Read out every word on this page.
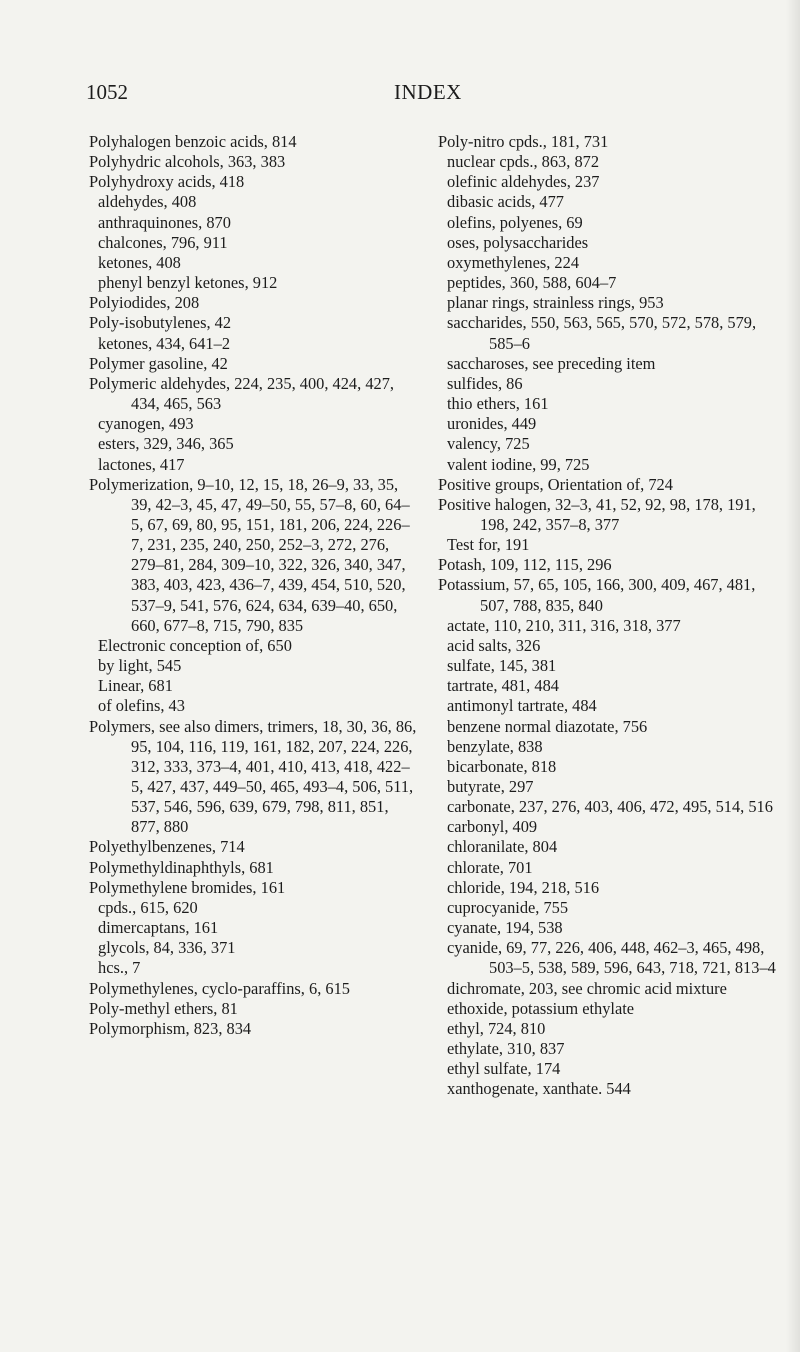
1052	INDEX
Polyhalogen benzoic acids, 814
Polyhydric alcohols, 363, 383
Polyhydroxy acids, 418
aldehydes, 408
anthraquinones, 870
chalcones, 796, 911
ketones, 408
phenyl benzyl ketones, 912
Polyiodides, 208
Poly-isobutylenes, 42
ketones, 434, 641–2
Polymer gasoline, 42
Polymeric aldehydes, 224, 235, 400, 424, 427, 434, 465, 563
cyanogen, 493
esters, 329, 346, 365
lactones, 417
Polymerization, 9–10, 12, 15, 18, 26–9, 33, 35, 39, 42–3, 45, 47, 49–50, 55, 57–8, 60, 64–5, 67, 69, 80, 95, 151, 181, 206, 224, 226–7, 231, 235, 240, 250, 252–3, 272, 276, 279–81, 284, 309–10, 322, 326, 340, 347, 383, 403, 423, 436–7, 439, 454, 510, 520, 537–9, 541, 576, 624, 634, 639–40, 650, 660, 677–8, 715, 790, 835
Electronic conception of, 650
by light, 545
Linear, 681
of olefins, 43
Polymers, see also dimers, trimers, 18, 30, 36, 86, 95, 104, 116, 119, 161, 182, 207, 224, 226, 312, 333, 373–4, 401, 410, 413, 418, 422–5, 427, 437, 449–50, 465, 493–4, 506, 511, 537, 546, 596, 639, 679, 798, 811, 851, 877, 880
Polyethylbenzenes, 714
Polymethyldinaphthyls, 681
Polymethylene bromides, 161
cpds., 615, 620
dimercaptans, 161
glycols, 84, 336, 371
hcs., 7
Polymethylenes, cyclo-paraffins, 6, 615
Poly-methyl ethers, 81
Polymorphism, 823, 834
Poly-nitro cpds., 181, 731
nuclear cpds., 863, 872
olefinic aldehydes, 237
dibasic acids, 477
olefins, polyenes, 69
oses, polysaccharides
oxymethylenes, 224
peptides, 360, 588, 604–7
planar rings, strainless rings, 953
saccharides, 550, 563, 565, 570, 572, 578, 579, 585–6
saccharoses, see preceding item
sulfides, 86
thio ethers, 161
uronides, 449
valency, 725
valent iodine, 99, 725
Positive groups, Orientation of, 724
Positive halogen, 32–3, 41, 52, 92, 98, 178, 191, 198, 242, 357–8, 377
Test for, 191
Potash, 109, 112, 115, 296
Potassium, 57, 65, 105, 166, 300, 409, 467, 481, 507, 788, 835, 840
actate, 110, 210, 311, 316, 318, 377
acid salts, 326
sulfate, 145, 381
tartrate, 481, 484
antimonyl tartrate, 484
benzene normal diazotate, 756
benzylate, 838
bicarbonate, 818
butyrate, 297
carbonate, 237, 276, 403, 406, 472, 495, 514, 516
carbonyl, 409
chloranilate, 804
chlorate, 701
chloride, 194, 218, 516
cuprocyanide, 755
cyanate, 194, 538
cyanide, 69, 77, 226, 406, 448, 462–3, 465, 498, 503–5, 538, 589, 596, 643, 718, 721, 813–4
dichromate, 203, see chromic acid mixture
ethoxide, potassium ethylate
ethyl, 724, 810
ethylate, 310, 837
ethyl sulfate, 174
xanthogenate, xanthate. 544
